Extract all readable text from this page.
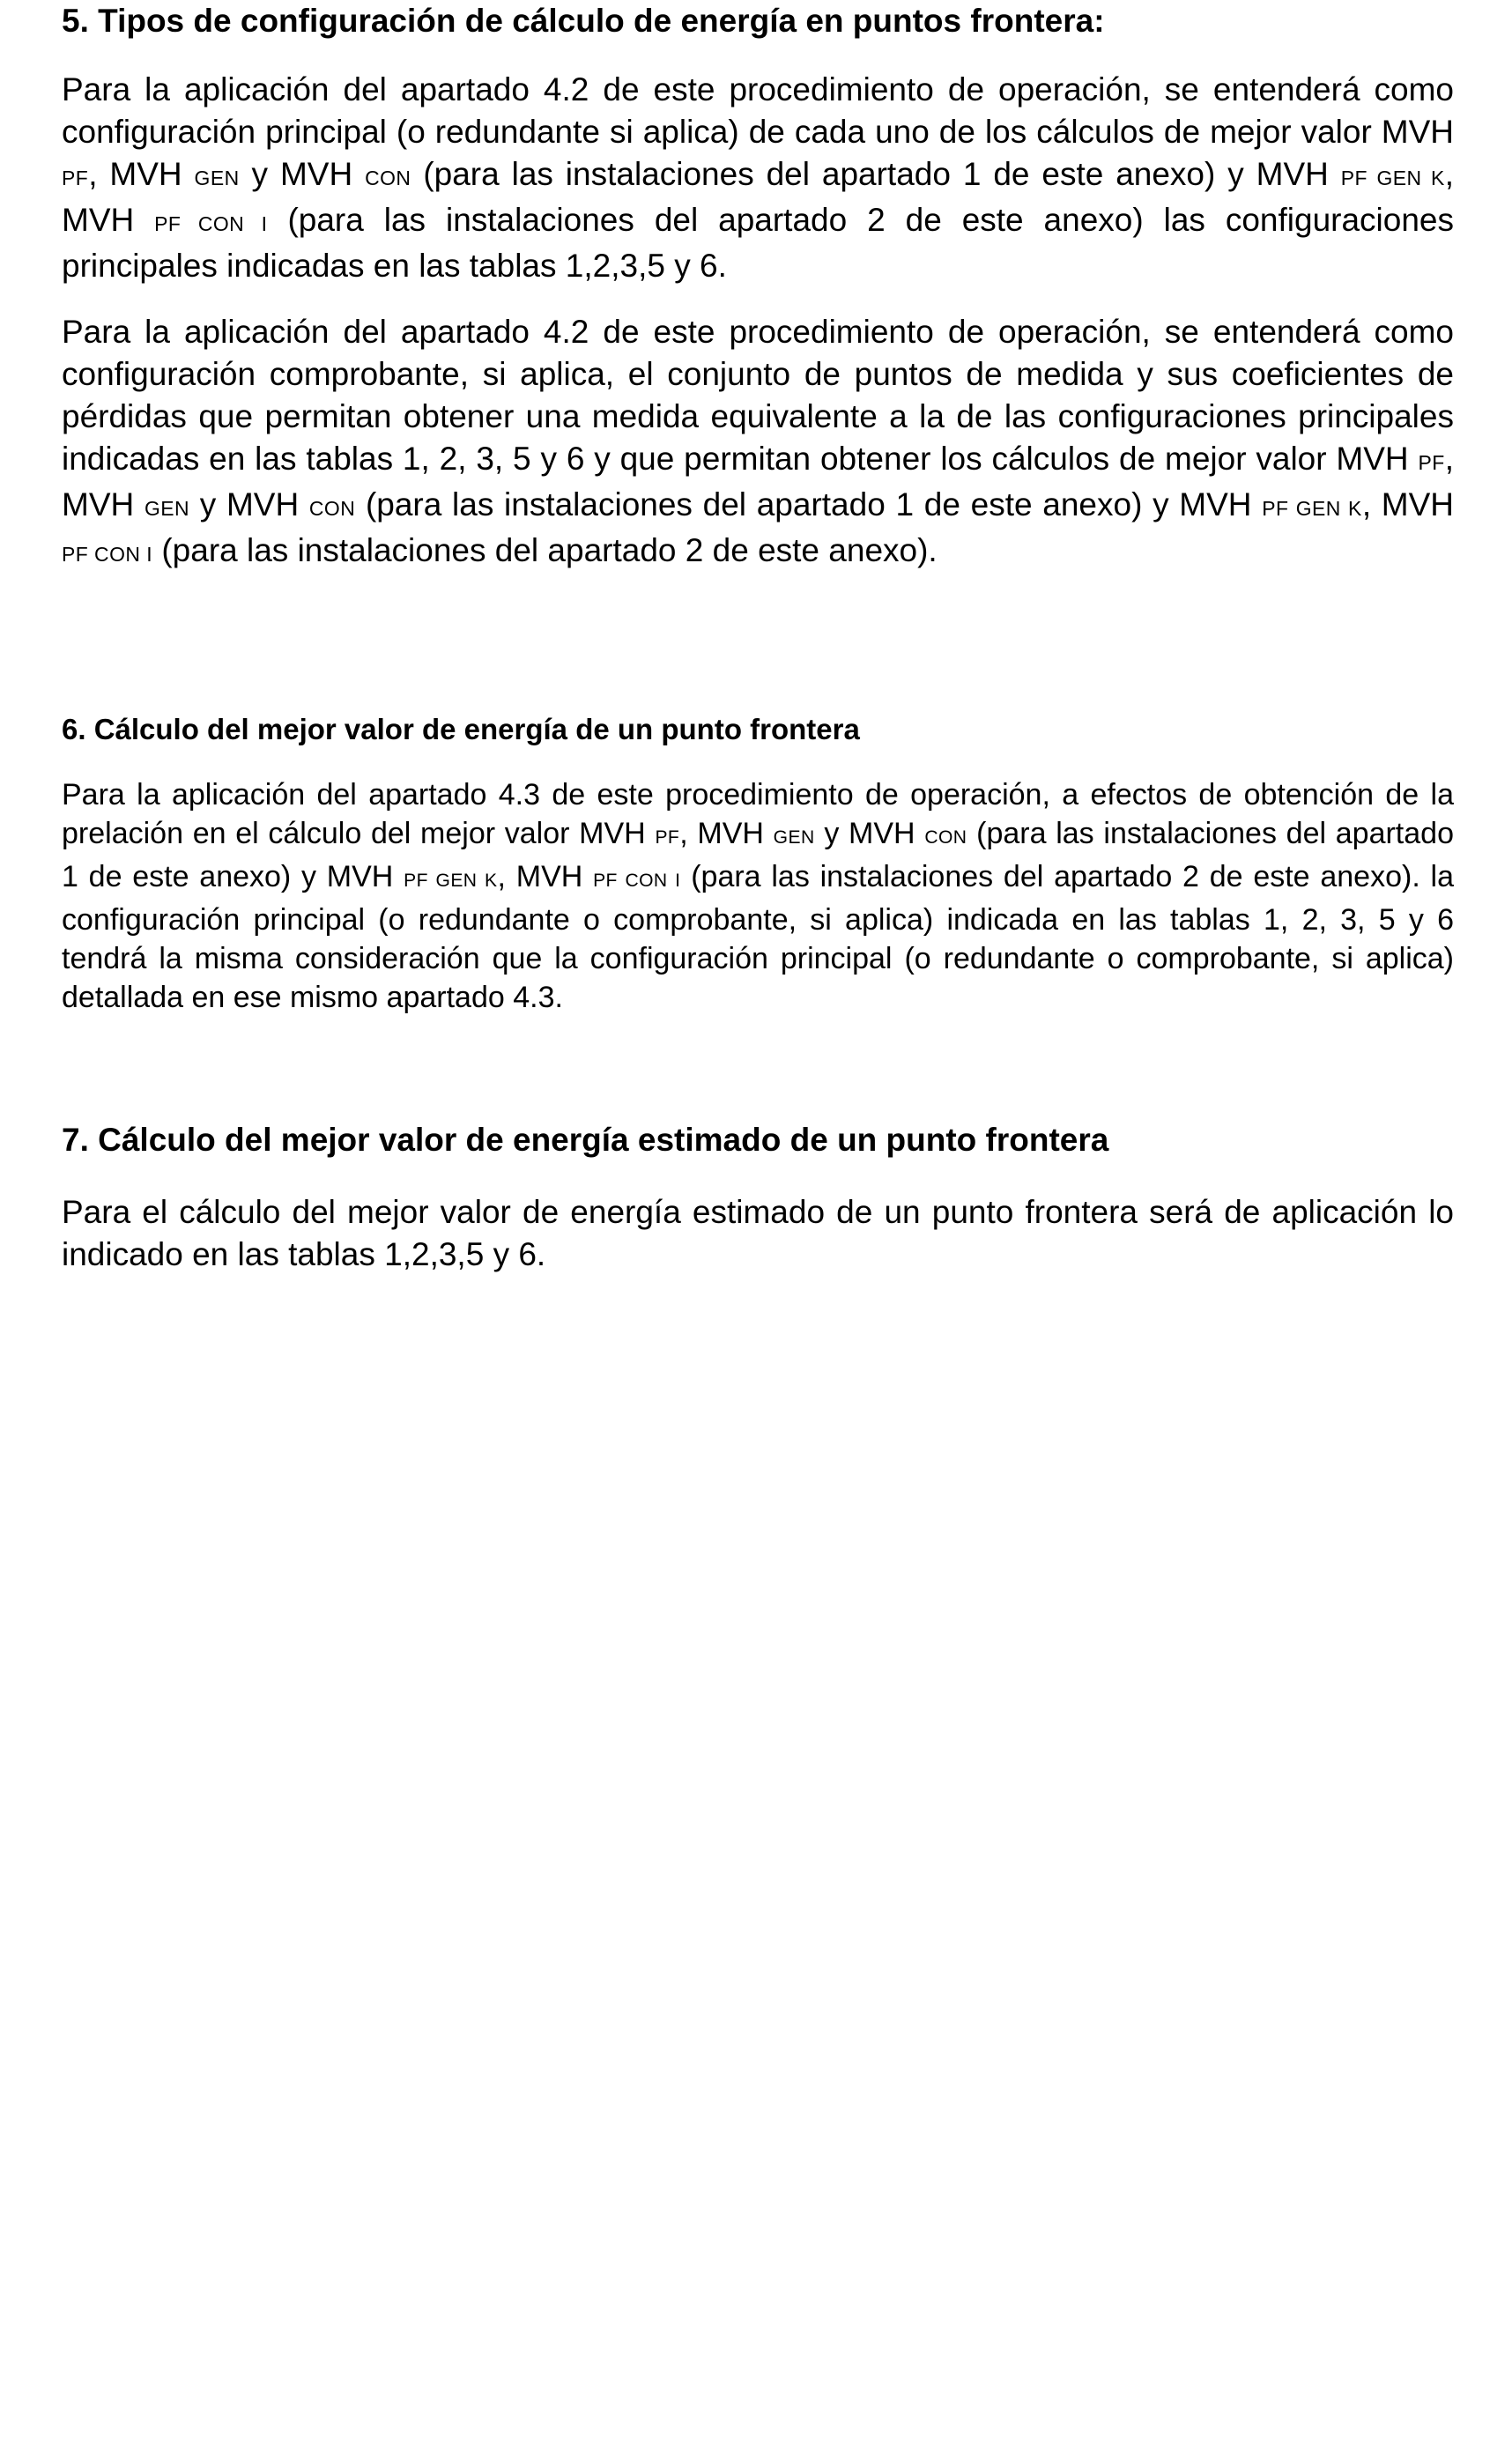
5. Tipos de configuración de cálculo de energía en puntos frontera:

Para la aplicación del apartado 4.2 de este procedimiento de operación, se entenderá como configuración principal (o redundante si aplica) de cada uno de los cálculos de mejor valor MVH PF, MVH GEN y MVH CON (para las instalaciones del apartado 1 de este anexo) y MVH PF GEN K, MVH PF CON I (para las instalaciones del apartado 2 de este anexo) las configuraciones principales indicadas en las tablas 1,2,3,5 y 6.

Para la aplicación del apartado 4.2 de este procedimiento de operación, se entenderá como configuración comprobante, si aplica, el conjunto de puntos de medida y sus coeficientes de pérdidas que permitan obtener una medida equivalente a la de las configuraciones principales indicadas en las tablas 1, 2, 3, 5 y 6 y que permitan obtener los cálculos de mejor valor MVH PF, MVH GEN y MVH CON (para las instalaciones del apartado 1 de este anexo) y MVH PF GEN K, MVH PF CON I (para las instalaciones del apartado 2 de este anexo).

6. Cálculo del mejor valor de energía de un punto frontera

Para la aplicación del apartado 4.3 de este procedimiento de operación, a efectos de obtención de la prelación en el cálculo del mejor valor MVH PF, MVH GEN y MVH CON (para las instalaciones del apartado 1 de este anexo) y MVH PF GEN K, MVH PF CON I (para las instalaciones del apartado 2 de este anexo). la configuración principal (o redundante o comprobante, si aplica) indicada en las tablas 1, 2, 3, 5 y 6 tendrá la misma consideración que la configuración principal (o redundante o comprobante, si aplica) detallada en ese mismo apartado 4.3.

7. Cálculo del mejor valor de energía estimado de un punto frontera

Para el cálculo del mejor valor de energía estimado de un punto frontera será de aplicación lo indicado en las tablas 1,2,3,5 y 6.
